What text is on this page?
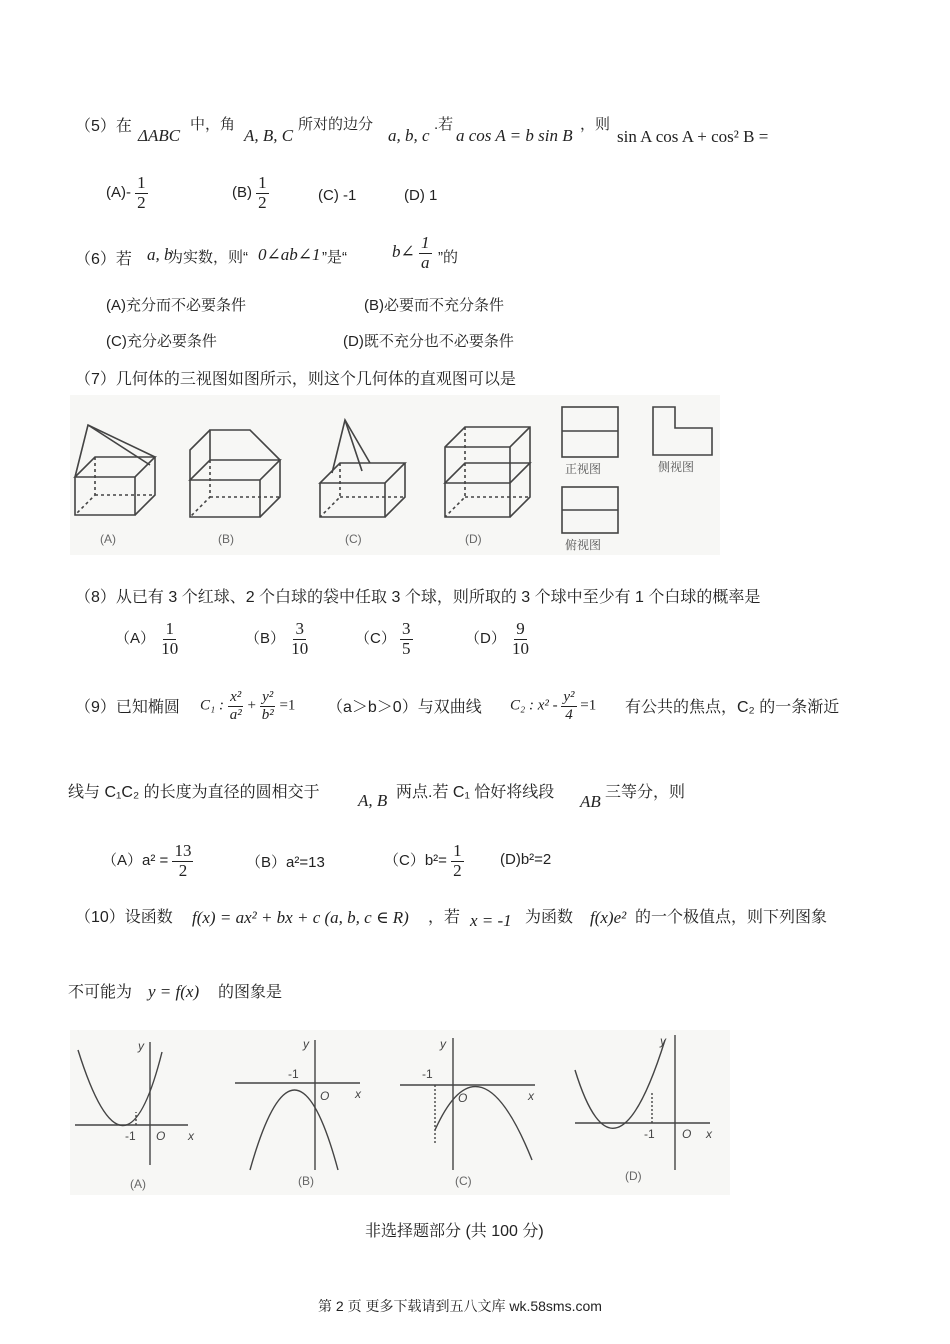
（5）在 ΔABC
中，角
A, B, C
所对的边分
a, b, c
.若
a cos A = b sin B
，则
sin A cos A + cos² B =
$(A)- \frac{1}{2}$	$(B) \frac{1}{2}$	(C) -1	(D) 1
（6）若 a, b
为实数，则“ 0∠ab∠1 ”是“	b∠ $\frac{1}{a}$ ”的
(A)充分而不必要条件	(B)必要而不充分条件
(C)充分必要条件	(D)既不充分也不必要条件
（7）几何体的三视图如图所示，则这个几何体的直观图可以是
(A)	(B)	(C)	(D)
正视图	侧视图
俯视图
（8）从已有 3 个红球、2 个白球的袋中任取 3 个球，则所取的 3 个球中至少有 1 个白球的概率是
$(A) \frac{1}{10}$	$(B) \frac{3}{10}$	$(C) \frac{3}{5}$	$(D) \frac{9}{10}$
（9）已知椭圆 C₁ : $\frac{\text{x²}}{\text{a²}} + \frac{\text{y²}}{\text{b²}} =1$ （a＞b＞0）与双曲线 C₂ : $x^2 - \frac{\text{y²}}{4} =1$ 有公共的焦点，C₂ 的一条渐近
线与 C₁C₂ 的长度为直径的圆相交于 A, B 两点.若 C₁ 恰好将线段 AB 三等分，则
$(A)a^2 = \frac{13}{2}$	（B）a²=13	$(C)b^2= \frac{1}{2} (D)b^2=2$
（10）设函数 f(x) = ax² + bx + c (a, b, c ∈ R) ，若 x = -1 为函数 f(x)e² 的一个极值点，则下列图象
不可能为 y = f(x) 的图象是
y
x
-1 O
y
x
-1
O
y
x
-1
O
y
x
-1 O
(A)	(B)	(C)	(D)
非选择题部分 (共 100 分)
第 2 页 更多下载请到五八文库 wk.58sms.com
